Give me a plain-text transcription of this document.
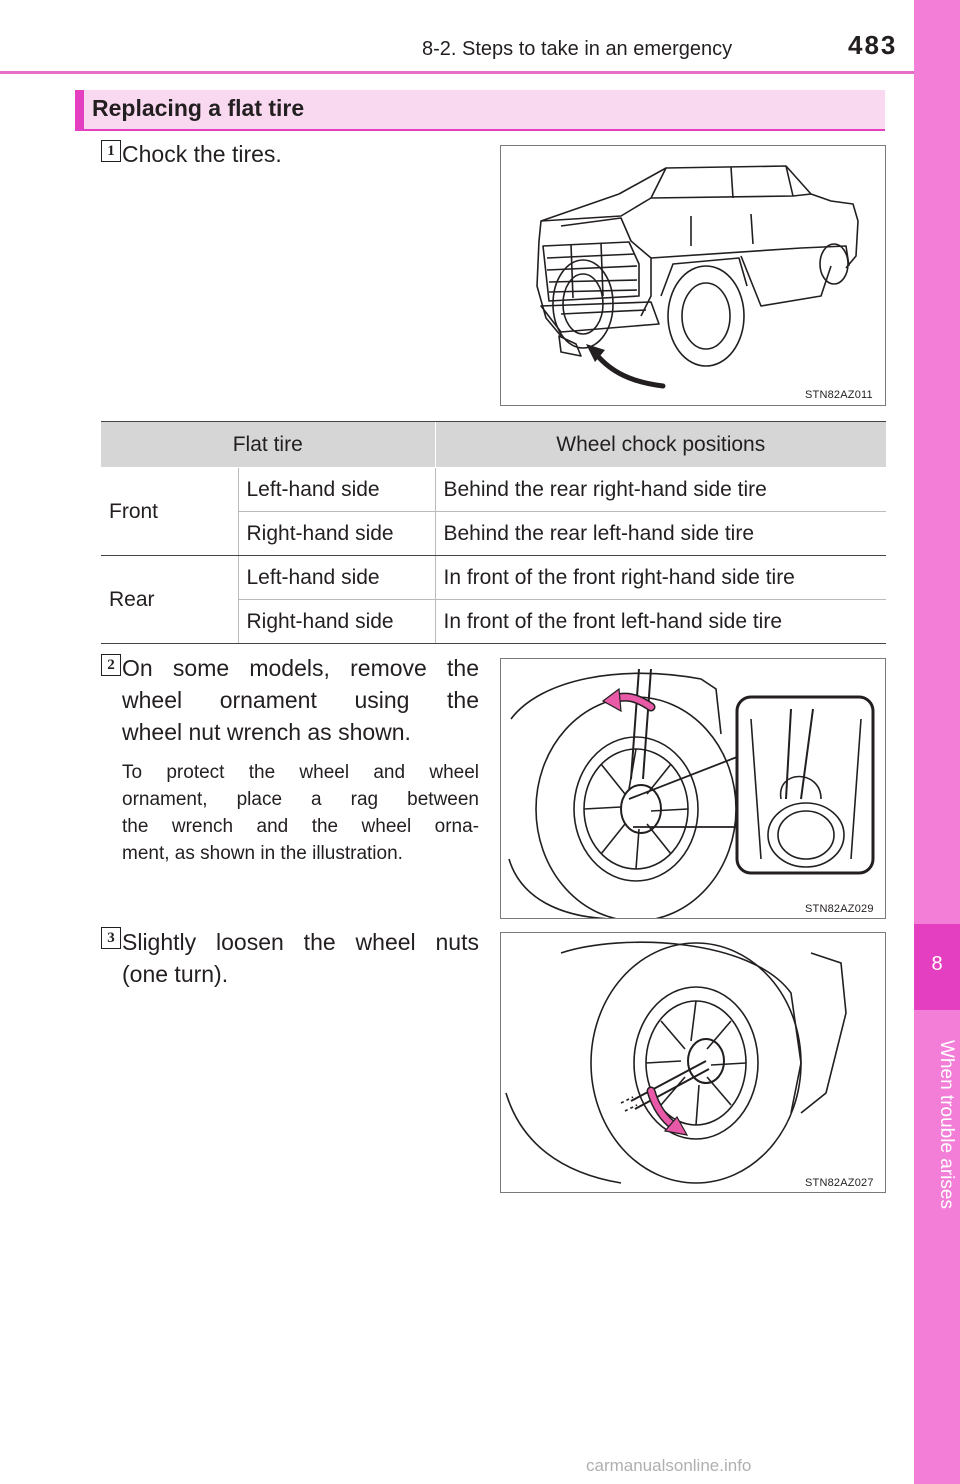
8-2. Steps to take in an emergency	483
8
When trouble arises
Replacing a flat tire
1 Chock the tires.
STN82AZ011
Flat tire		Wheel chock positions
Front	Left-hand side	Behind the rear right-hand side tire
	Right-hand side	Behind the rear left-hand side tire
Rear	Left-hand side	In front of the front right-hand side tire
	Right-hand side	In front of the front left-hand side tire
2 On some models, remove the
wheel ornament using the
wheel nut wrench as shown.
To protect the wheel and wheel
ornament, place a rag between
the wrench and the wheel orna-
ment, as shown in the illustration.
STN82AZ029
3 Slightly loosen the wheel nuts
(one turn).
STN82AZ027
carmanualsonline.info
